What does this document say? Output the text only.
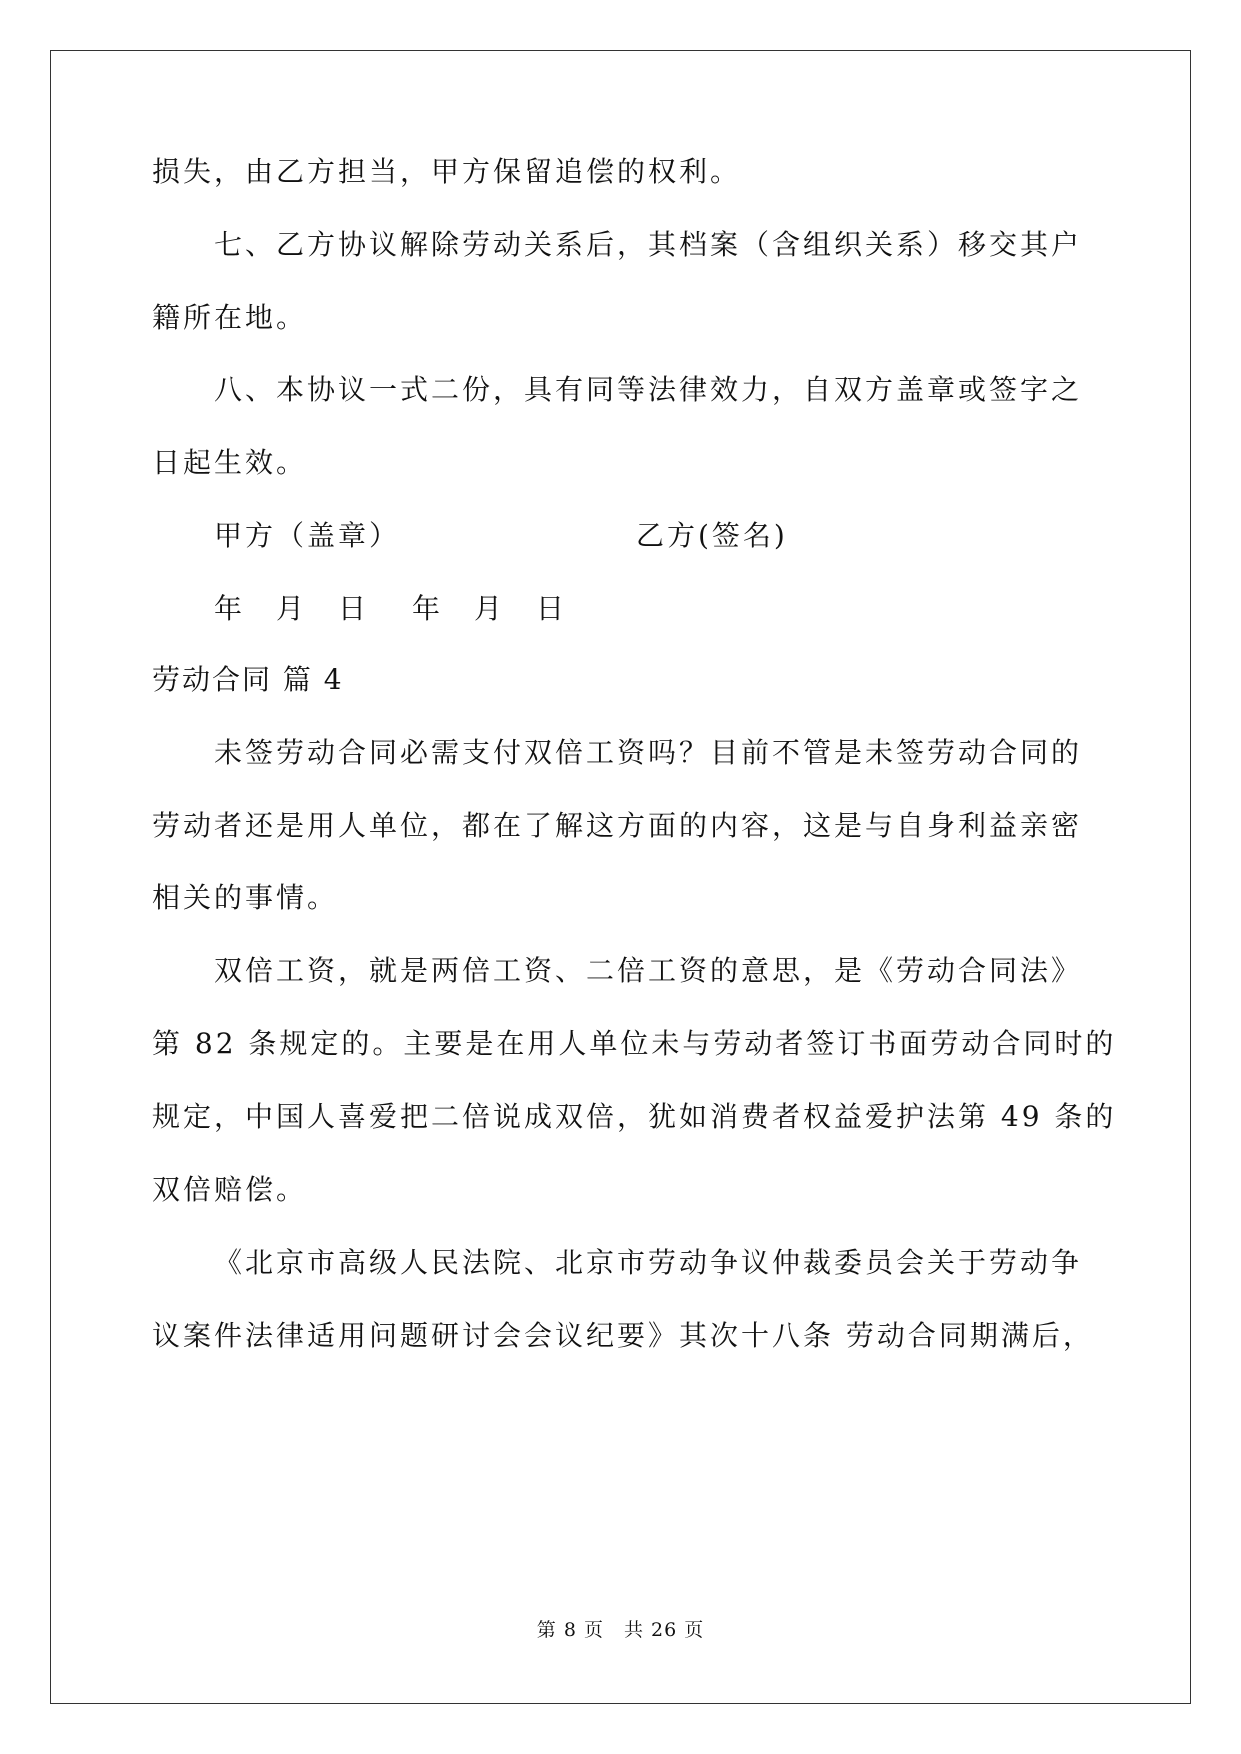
损失，由乙方担当，甲方保留追偿的权利。
七、乙方协议解除劳动关系后，其档案（含组织关系）移交其户
籍所在地。
八、本协议一式二份，具有同等法律效力，自双方盖章或签字之
日起生效。
甲方（盖章）	乙方(签名)
年 月 日 年 月 日
劳动合同 篇 4
未签劳动合同必需支付双倍工资吗？目前不管是未签劳动合同的
劳动者还是用人单位，都在了解这方面的内容，这是与自身利益亲密
相关的事情。
双倍工资，就是两倍工资、二倍工资的意思，是《劳动合同法》
第 82 条规定的。主要是在用人单位未与劳动者签订书面劳动合同时的
规定，中国人喜爱把二倍说成双倍，犹如消费者权益爱护法第 49 条的
双倍赔偿。
《北京市高级人民法院、北京市劳动争议仲裁委员会关于劳动争
议案件法律适用问题研讨会会议纪要》其次十八条 劳动合同期满后，
第 8 页　共 26 页
